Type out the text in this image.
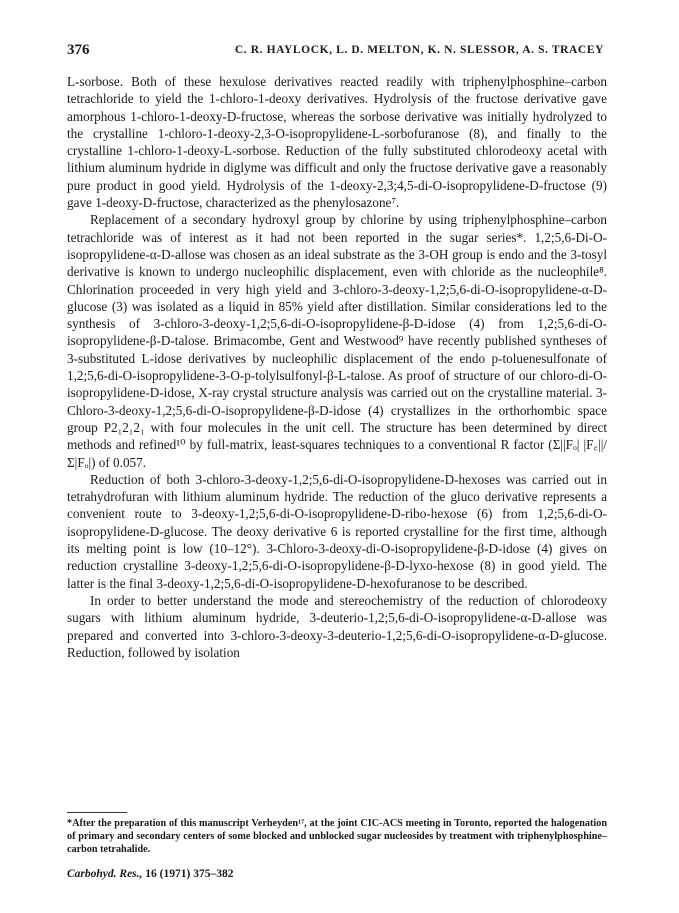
376	C. R. HAYLOCK, L. D. MELTON, K. N. SLESSOR, A. S. TRACEY

L-sorbose. Both of these hexulose derivatives reacted readily with triphenylphosphine–carbon tetrachloride to yield the 1-chloro-1-deoxy derivatives. Hydrolysis of the fructose derivative gave amorphous 1-chloro-1-deoxy-D-fructose, whereas the sorbose derivative was initially hydrolyzed to the crystalline 1-chloro-1-deoxy-2,3-O-isopropylidene-L-sorbofuranose (8), and finally to the crystalline 1-chloro-1-deoxy-L-sorbose. Reduction of the fully substituted chlorodeoxy acetal with lithium aluminum hydride in diglyme was difficult and only the fructose derivative gave a reasonably pure product in good yield. Hydrolysis of the 1-deoxy-2,3;4,5-di-O-isopropylidene-D-fructose (9) gave 1-deoxy-D-fructose, characterized as the phenylosazone⁷.

Replacement of a secondary hydroxyl group by chlorine by using triphenylphosphine–carbon tetrachloride was of interest as it had not been reported in the sugar series*. 1,2;5,6-Di-O-isopropylidene-α-D-allose was chosen as an ideal substrate as the 3-OH group is endo and the 3-tosyl derivative is known to undergo nucleophilic displacement, even with chloride as the nucleophile⁸. Chlorination proceeded in very high yield and 3-chloro-3-deoxy-1,2;5,6-di-O-isopropylidene-α-D-glucose (3) was isolated as a liquid in 85% yield after distillation. Similar considerations led to the synthesis of 3-chloro-3-deoxy-1,2;5,6-di-O-isopropylidene-β-D-idose (4) from 1,2;5,6-di-O-isopropylidene-β-D-talose. Brimacombe, Gent and Westwood⁹ have recently published syntheses of 3-substituted L-idose derivatives by nucleophilic displacement of the endo p-toluenesulfonate of 1,2;5,6-di-O-isopropylidene-3-O-p-tolylsulfonyl-β-L-talose. As proof of structure of our chloro-di-O-isopropylidene-D-idose, X-ray crystal structure analysis was carried out on the crystalline material. 3-Chloro-3-deoxy-1,2;5,6-di-O-isopropylidene-β-D-idose (4) crystallizes in the orthorhombic space group P2₁2₁2₁ with four molecules in the unit cell. The structure has been determined by direct methods and refined¹⁰ by full-matrix, least-squares techniques to a conventional R factor (Σ||Fₒ| |F꜀||/Σ|Fₒ|) of 0.057.

Reduction of both 3-chloro-3-deoxy-1,2;5,6-di-O-isopropylidene-D-hexoses was carried out in tetrahydrofuran with lithium aluminum hydride. The reduction of the gluco derivative represents a convenient route to 3-deoxy-1,2;5,6-di-O-isopropylidene-D-ribo-hexose (6) from 1,2;5,6-di-O-isopropylidene-D-glucose. The deoxy derivative 6 is reported crystalline for the first time, although its melting point is low (10–12°). 3-Chloro-3-deoxy-di-O-isopropylidene-β-D-idose (4) gives on reduction crystalline 3-deoxy-1,2;5,6-di-O-isopropylidene-β-D-lyxo-hexose (8) in good yield. The latter is the final 3-deoxy-1,2;5,6-di-O-isopropylidene-D-hexofuranose to be described.

In order to better understand the mode and stereochemistry of the reduction of chlorodeoxy sugars with lithium aluminum hydride, 3-deuterio-1,2;5,6-di-O-isopropylidene-α-D-allose was prepared and converted into 3-chloro-3-deoxy-3-deuterio-1,2;5,6-di-O-isopropylidene-α-D-glucose. Reduction, followed by isolation

*After the preparation of this manuscript Verheyden¹⁷, at the joint CIC-ACS meeting in Toronto, reported the halogenation of primary and secondary centers of some blocked and unblocked sugar nucleosides by treatment with triphenylphosphine–carbon tetrahalide.
Carbohyd. Res., 16 (1971) 375–382
